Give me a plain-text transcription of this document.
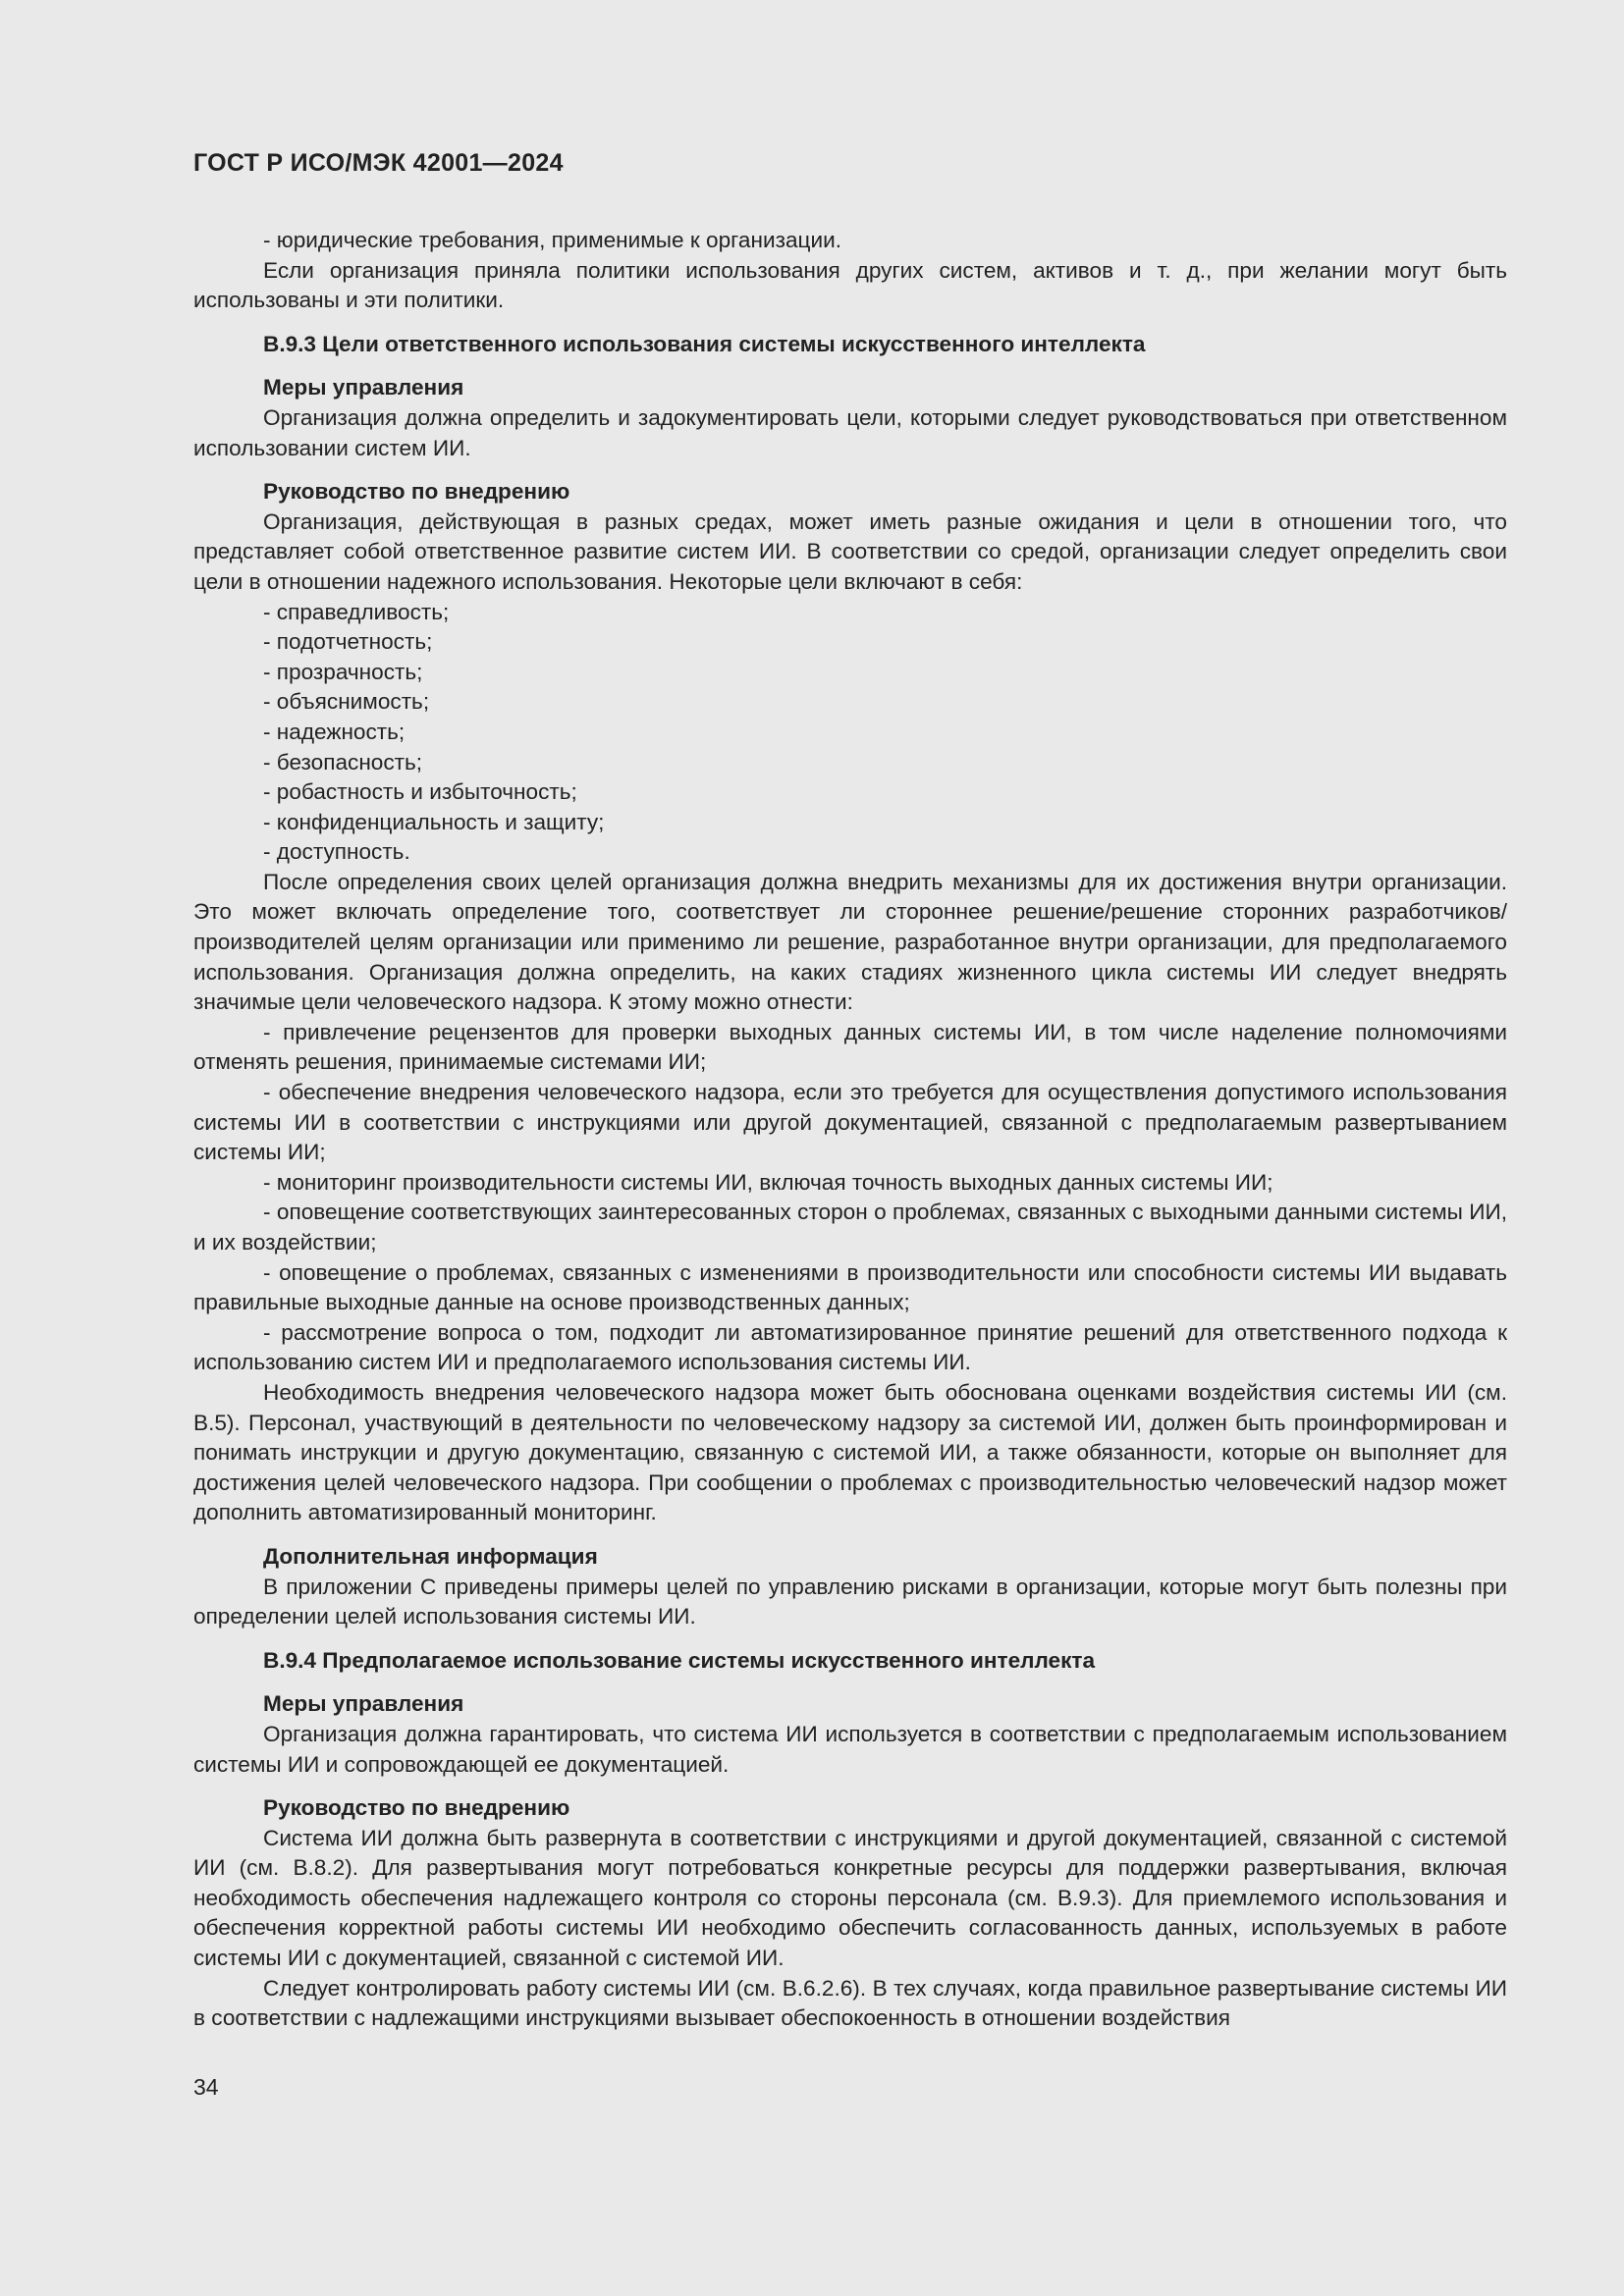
ГОСТ Р ИСО/МЭК 42001—2024
- юридические требования, применимые к организации.
Если организация приняла политики использования других систем, активов и т. д., при желании могут быть использованы и эти политики.
B.9.3 Цели ответственного использования системы искусственного интеллекта
Меры управления
Организация должна определить и задокументировать цели, которыми следует руководствоваться при ответственном использовании систем ИИ.
Руководство по внедрению
Организация, действующая в разных средах, может иметь разные ожидания и цели в отношении того, что представляет собой ответственное развитие систем ИИ. В соответствии со средой, организации следует определить свои цели в отношении надежного использования. Некоторые цели включают в себя:
- справедливость;
- подотчетность;
- прозрачность;
- объяснимость;
- надежность;
- безопасность;
- робастность и избыточность;
- конфиденциальность и защиту;
- доступность.
После определения своих целей организация должна внедрить механизмы для их достижения внутри организации. Это может включать определение того, соответствует ли стороннее решение/решение сторонних разработчиков/производителей целям организации или применимо ли решение, разработанное внутри организации, для предполагаемого использования. Организация должна определить, на каких стадиях жизненного цикла системы ИИ следует внедрять значимые цели человеческого надзора. К этому можно отнести:
- привлечение рецензентов для проверки выходных данных системы ИИ, в том числе наделение полномочиями отменять решения, принимаемые системами ИИ;
- обеспечение внедрения человеческого надзора, если это требуется для осуществления допустимого использования системы ИИ в соответствии с инструкциями или другой документацией, связанной с предполагаемым развертыванием системы ИИ;
- мониторинг производительности системы ИИ, включая точность выходных данных системы ИИ;
- оповещение соответствующих заинтересованных сторон о проблемах, связанных с выходными данными системы ИИ, и их воздействии;
- оповещение о проблемах, связанных с изменениями в производительности или способности системы ИИ выдавать правильные выходные данные на основе производственных данных;
- рассмотрение вопроса о том, подходит ли автоматизированное принятие решений для ответственного подхода к использованию систем ИИ и предполагаемого использования системы ИИ.
Необходимость внедрения человеческого надзора может быть обоснована оценками воздействия системы ИИ (см. B.5). Персонал, участвующий в деятельности по человеческому надзору за системой ИИ, должен быть проинформирован и понимать инструкции и другую документацию, связанную с системой ИИ, а также обязанности, которые он выполняет для достижения целей человеческого надзора. При сообщении о проблемах с производительностью человеческий надзор может дополнить автоматизированный мониторинг.
Дополнительная информация
В приложении С приведены примеры целей по управлению рисками в организации, которые могут быть полезны при определении целей использования системы ИИ.
B.9.4 Предполагаемое использование системы искусственного интеллекта
Меры управления
Организация должна гарантировать, что система ИИ используется в соответствии с предполагаемым использованием системы ИИ и сопровождающей ее документацией.
Руководство по внедрению
Система ИИ должна быть развернута в соответствии с инструкциями и другой документацией, связанной с системой ИИ (см. B.8.2). Для развертывания могут потребоваться конкретные ресурсы для поддержки развертывания, включая необходимость обеспечения надлежащего контроля со стороны персонала (см. B.9.3). Для приемлемого использования и обеспечения корректной работы системы ИИ необходимо обеспечить согласованность данных, используемых в работе системы ИИ с документацией, связанной с системой ИИ.
Следует контролировать работу системы ИИ (см. B.6.2.6). В тех случаях, когда правильное развертывание системы ИИ в соответствии с надлежащими инструкциями вызывает обеспокоенность в отношении воздействия
34
